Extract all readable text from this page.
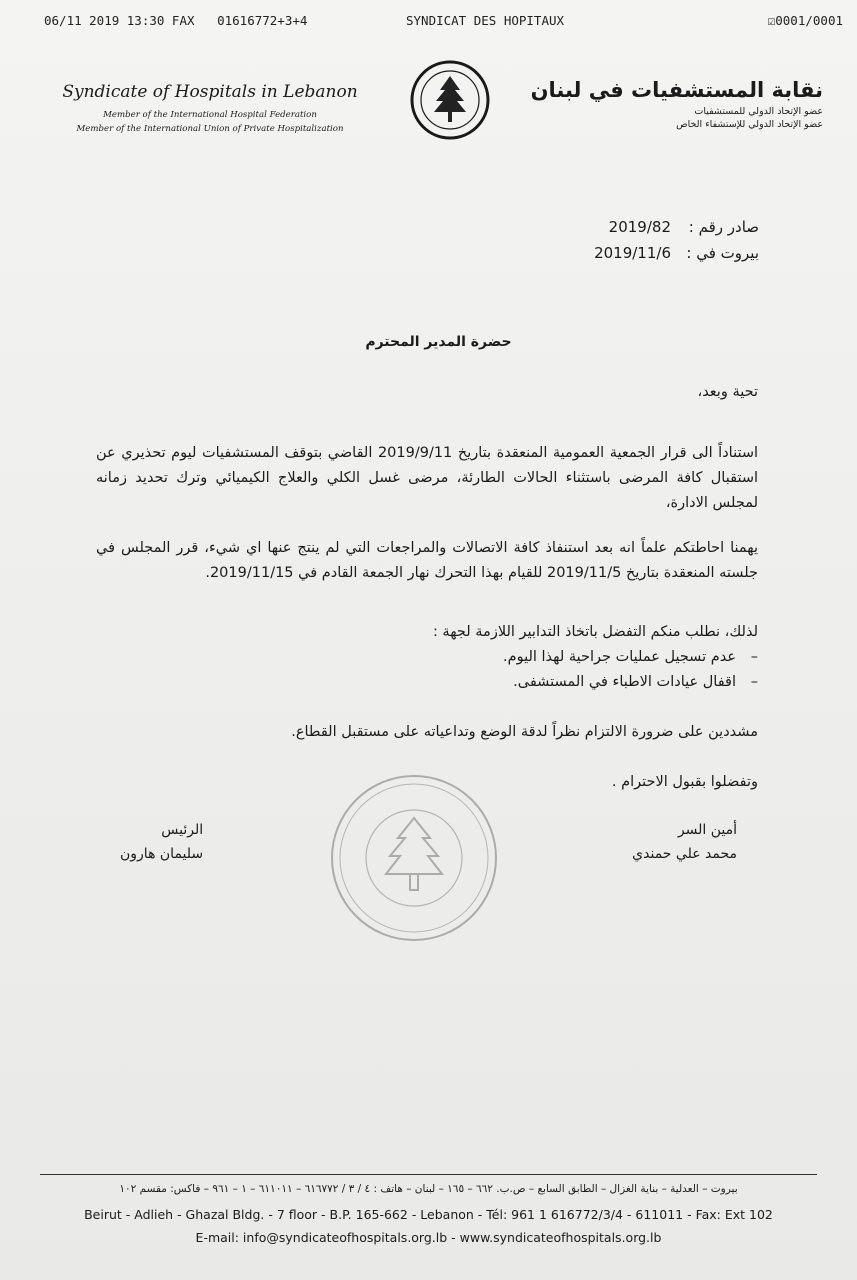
06/11 2019 13:30 FAX 01616772+3+4	SYNDICAT DES HOPITAUX	☑0001/0001
Syndicate of Hospitals in Lebanon
Member of the International Hospital Federation
Member of the International Union of Private Hospitalization
نقابة المستشفيات في لبنان
عضو الإتحاد الدولي للمستشفيات
عضو الإتحاد الدولي للإستشفاء الخاص
صادر رقم :2019/82
بيروت في :2019/11/6
حضرة المدير المحترم
تحية وبعد،

استناداً الى قرار الجمعية العمومية المنعقدة بتاريخ 2019/9/11 القاضي بتوقف المستشفيات ليوم تحذيري عن استقبال كافة المرضى باستثناء الحالات الطارئة، مرضى غسل الكلي والعلاج الكيميائي وترك تحديد زمانه لمجلس الادارة،

يهمنا احاطتكم علماً انه بعد استنفاذ كافة الاتصالات والمراجعات التي لم ينتج عنها اي شيء، قرر المجلس في جلسته المنعقدة بتاريخ 2019/11/5 للقيام بهذا التحرك نهار الجمعة القادم في 2019/11/15.

لذلك، نطلب منكم التفضل باتخاذ التدابير اللازمة لجهة :
–عدم تسجيل عمليات جراحية لهذا اليوم.
–اقفال عيادات الاطباء في المستشفى.
مشددين على ضرورة الالتزام نظراً لدقة الوضع وتداعياته على مستقبل القطاع.
وتفضلوا بقبول الاحترام .
أمين السر
محمد علي حمندي
الرئيس
سليمان هارون
بيروت – العدلية – بناية الغزال – الطابق السابع – ص.ب. ٦٦٢ – ١٦٥ – لبنان – هاتف : ٤ / ٣ / ٦١٦٧٧٢ – ٦١١٠١١ – ١ – ٩٦١ – فاكس: مقسم ١٠٢
Beirut - Adlieh - Ghazal Bldg. - 7 floor - B.P. 165-662 - Lebanon - Tél: 961 1 616772/3/4 - 611011 - Fax: Ext 102
E-mail: info@syndicateofhospitals.org.lb - www.syndicateofhospitals.org.lb
